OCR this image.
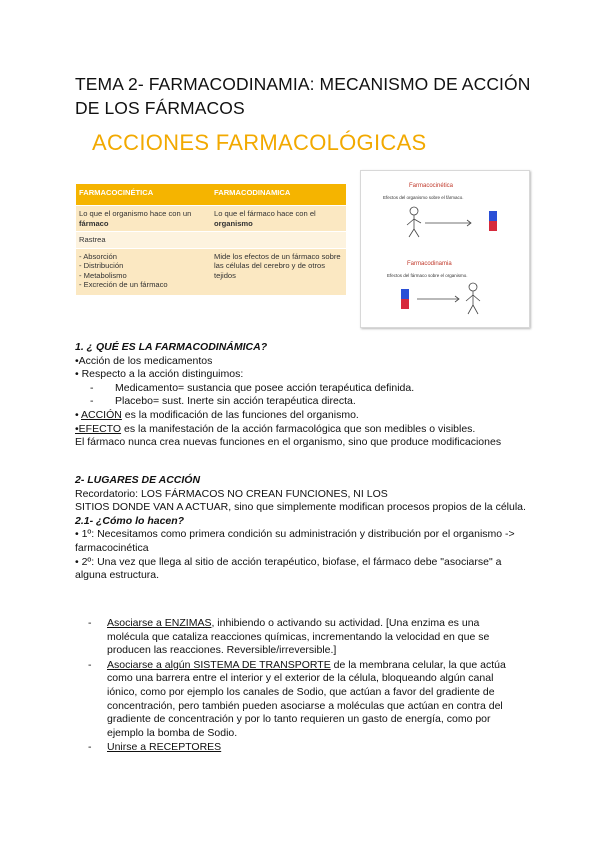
TEMA 2- FARMACODINAMIA: MECANISMO DE ACCIÓN DE LOS FÁRMACOS
ACCIONES FARMACOLÓGICAS
FARMACOCINÉTICA	FARMACODINAMICA
Lo que el organismo hace con un fármaco	Lo que el fármaco hace con el organismo
Rastrea	

- Absorción
- Distribución
- Metabolismo
- Excreción de un fármaco	Mide los efectos de un fármaco sobre las células del cerebro y de otros tejidos
Farmacocinética
Efectos del organismo sobre el fármaco.
Farmacodinamia
Efectos del fármaco sobre el organismo.
1. ¿ QUÉ ES LA FARMACODINÁMICA?
•Acción de los medicamentos
• Respecto a la acción distinguimos:
- Medicamento= sustancia que posee acción terapéutica definida.
- Placebo= sust. Inerte sin acción terapéutica directa.
• ACCIÓN es la modificación de las funciones del organismo.
•EFECTO es la manifestación de la acción farmacológica que son medibles o visibles.
El fármaco nunca crea nuevas funciones en el organismo, sino que produce modificaciones
2- LUGARES DE ACCIÓN
Recordatorio: LOS FÁRMACOS NO CREAN FUNCIONES, NI LOS
SITIOS DONDE VAN A ACTUAR, sino que simplemente modifican procesos propios de la célula.
2.1- ¿Cómo lo hacen?
• 1º: Necesitamos como primera condición su administración y distribución por el organismo -> farmacocinética
• 2º: Una vez que llega al sitio de acción terapéutico, biofase, el fármaco debe "asociarse" a alguna estructura.
- Asociarse a ENZIMAS, inhibiendo o activando su actividad. [Una enzima es una molécula que cataliza reacciones químicas, incrementando la velocidad en que se producen las reacciones. Reversible/irreversible.]
- Asociarse a algún SISTEMA DE TRANSPORTE de la membrana celular, la que actúa como una barrera entre el interior y el exterior de la célula, bloqueando algún canal iónico, como por ejemplo los canales de Sodio, que actúan a favor del gradiente de concentración, pero también pueden asociarse a moléculas que actúan en contra del gradiente de concentración y por lo tanto requieren un gasto de energía, como por ejemplo la bomba de Sodio.
- Unirse a RECEPTORES
